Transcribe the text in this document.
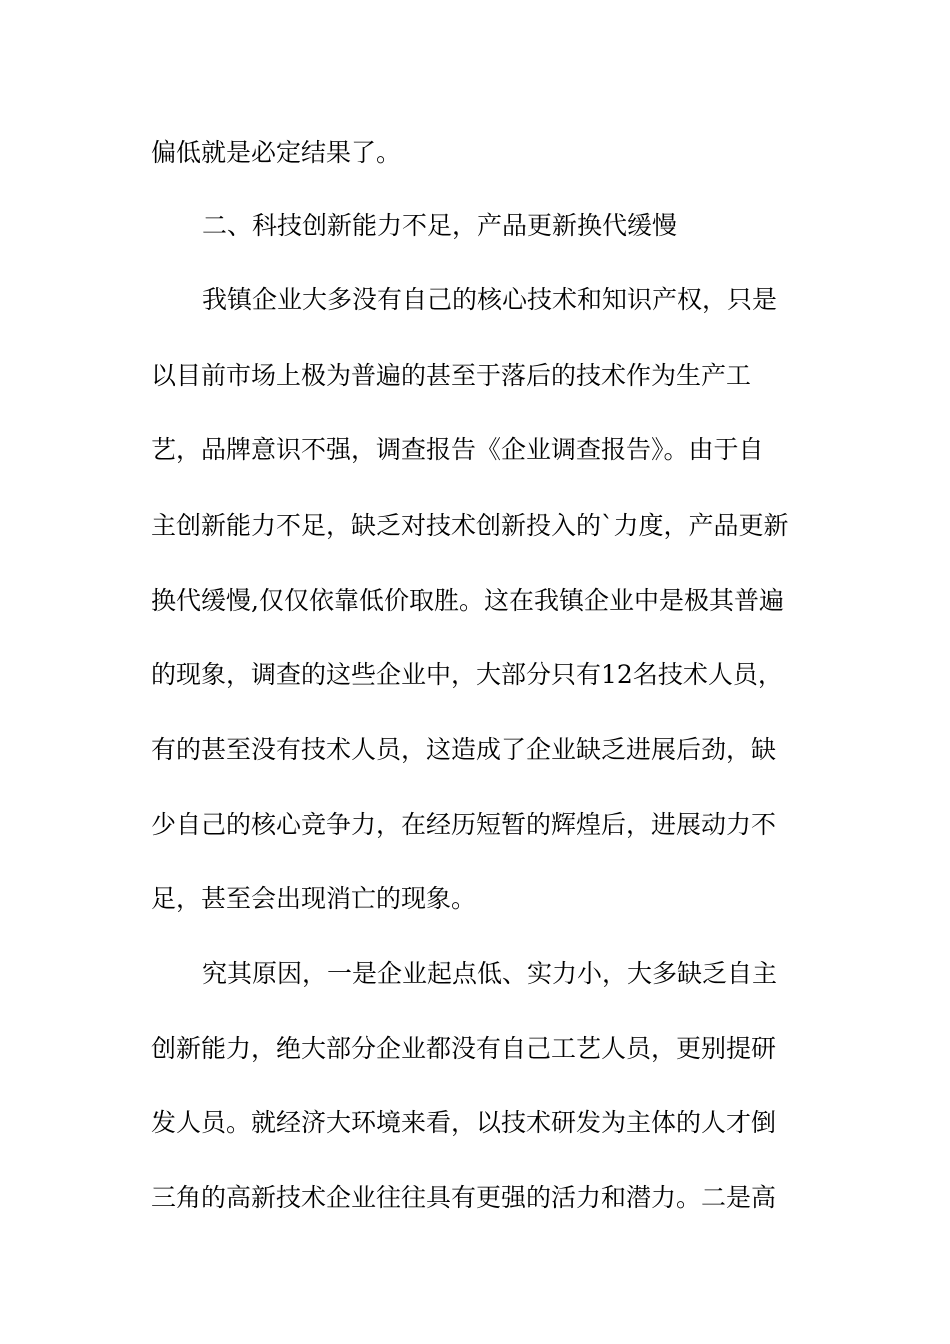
偏低就是必定结果了。
二、科技创新能力不足，产品更新换代缓慢
我镇企业大多没有自己的核心技术和知识产权，只是
以目前市场上极为普遍的甚至于落后的技术作为生产工
艺，品牌意识不强，调查报告《企业调查报告》。由于自
主创新能力不足，缺乏对技术创新投入的`力度，产品更新
换代缓慢,仅仅依靠低价取胜。这在我镇企业中是极其普遍
的现象，调查的这些企业中，大部分只有12名技术人员，
有的甚至没有技术人员，这造成了企业缺乏进展后劲，缺
少自己的核心竞争力，在经历短暂的辉煌后，进展动力不
足，甚至会出现消亡的现象。
究其原因，一是企业起点低、实力小，大多缺乏自主
创新能力，绝大部分企业都没有自己工艺人员，更别提研
发人员。就经济大环境来看，以技术研发为主体的人才倒
三角的高新技术企业往往具有更强的活力和潜力。二是高
